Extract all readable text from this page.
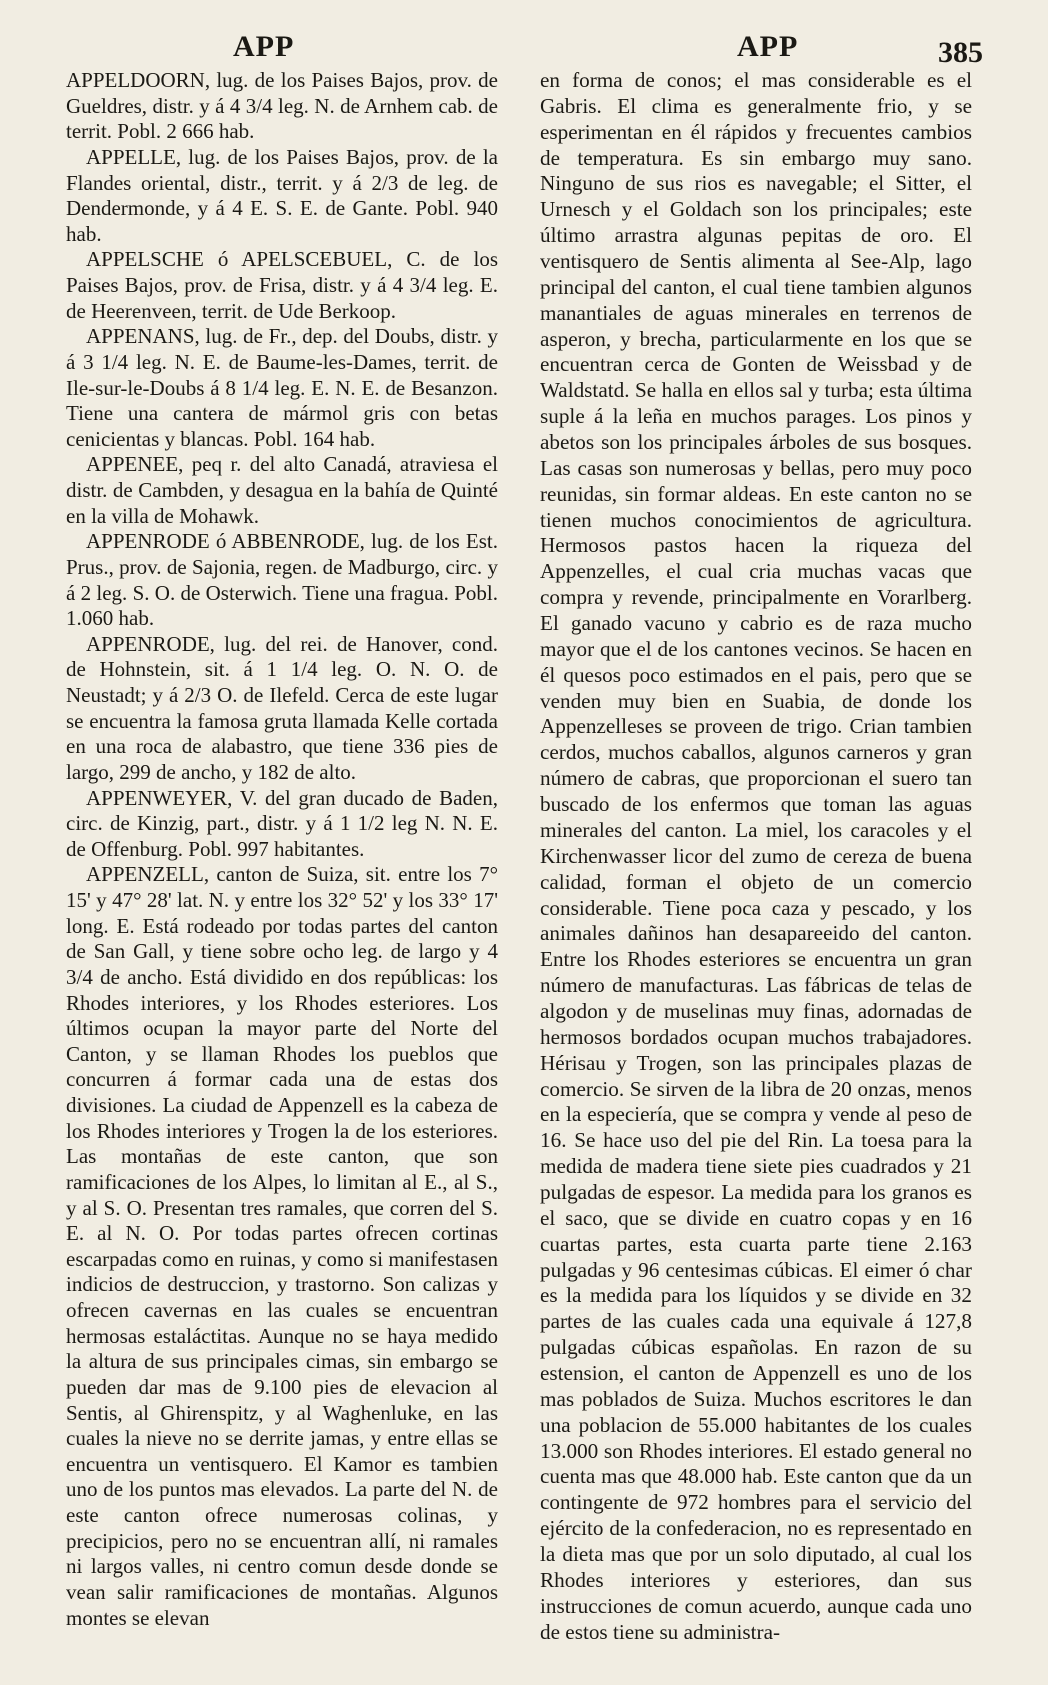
APP	APP	385

APPELDOORN, lug. de los Paises Bajos, prov. de Gueldres, distr. y á 4 3/4 leg. N. de Arnhem cab. de territ. Pobl. 2 666 hab.

APPELLE, lug. de los Paises Bajos, prov. de la Flandes oriental, distr., territ. y á 2/3 de leg. de Dendermonde, y á 4 E. S. E. de Gante. Pobl. 940 hab.

APPELSCHE ó APELSCEBUEL, C. de los Paises Bajos, prov. de Frisa, distr. y á 4 3/4 leg. E. de Heerenveen, territ. de Ude Berkoop.

APPENANS, lug. de Fr., dep. del Doubs, distr. y á 3 1/4 leg. N. E. de Baume-les-Dames, territ. de Ile-sur-le-Doubs á 8 1/4 leg. E. N. E. de Besanzon. Tiene una cantera de mármol gris con betas cenicientas y blancas. Pobl. 164 hab.

APPENEE, peq r. del alto Canadá, atraviesa el distr. de Cambden, y desagua en la bahía de Quinté en la villa de Mohawk.

APPENRODE ó ABBENRODE, lug. de los Est. Prus., prov. de Sajonia, regen. de Madburgo, circ. y á 2 leg. S. O. de Osterwich. Tiene una fragua. Pobl. 1.060 hab.

APPENRODE, lug. del rei. de Hanover, cond. de Hohnstein, sit. á 1 1/4 leg. O. N. O. de Neustadt; y á 2/3 O. de Ilefeld. Cerca de este lugar se encuentra la famosa gruta llamada Kelle cortada en una roca de alabastro, que tiene 336 pies de largo, 299 de ancho, y 182 de alto.

APPENWEYER, V. del gran ducado de Baden, circ. de Kinzig, part., distr. y á 1 1/2 leg N. N. E. de Offenburg. Pobl. 997 habitantes.

APPENZELL, canton de Suiza, sit. entre los 7° 15' y 47° 28' lat. N. y entre los 32° 52' y los 33° 17' long. E. Está rodeado por todas partes del canton de San Gall, y tiene sobre ocho leg. de largo y 4 3/4 de ancho. Está dividido en dos repúblicas: los Rhodes interiores, y los Rhodes esteriores. Los últimos ocupan la mayor parte del Norte del Canton, y se llaman Rhodes los pueblos que concurren á formar cada una de estas dos divisiones. La ciudad de Appenzell es la cabeza de los Rhodes interiores y Trogen la de los esteriores. Las montañas de este canton, que son ramificaciones de los Alpes, lo limitan al E., al S., y al S. O. Presentan tres ramales, que corren del S. E. al N. O. Por todas partes ofrecen cortinas escarpadas como en ruinas, y como si manifestasen indicios de destruccion, y trastorno. Son calizas y ofrecen cavernas en las cuales se encuentran hermosas estaláctitas. Aunque no se haya medido la altura de sus principales cimas, sin embargo se pueden dar mas de 9.100 pies de elevacion al Sentis, al Ghirenspitz, y al Waghenluke, en las cuales la nieve no se derrite jamas, y entre ellas se encuentra un ventisquero. El Kamor es tambien uno de los puntos mas elevados. La parte del N. de este canton ofrece numerosas colinas, y precipicios, pero no se encuentran allí, ni ramales ni largos valles, ni centro comun desde donde se vean salir ramificaciones de montañas. Algunos montes se elevan

en forma de conos; el mas considerable es el Gabris. El clima es generalmente frio, y se esperimentan en él rápidos y frecuentes cambios de temperatura. Es sin embargo muy sano. Ninguno de sus rios es navegable; el Sitter, el Urnesch y el Goldach son los principales; este último arrastra algunas pepitas de oro. El ventisquero de Sentis alimenta al See-Alp, lago principal del canton, el cual tiene tambien algunos manantiales de aguas minerales en terrenos de asperon, y brecha, particularmente en los que se encuentran cerca de Gonten de Weissbad y de Waldstatd. Se halla en ellos sal y turba; esta última suple á la leña en muchos parages. Los pinos y abetos son los principales árboles de sus bosques. Las casas son numerosas y bellas, pero muy poco reunidas, sin formar aldeas. En este canton no se tienen muchos conocimientos de agricultura. Hermosos pastos hacen la riqueza del Appenzelles, el cual cria muchas vacas que compra y revende, principalmente en Vorarlberg. El ganado vacuno y cabrio es de raza mucho mayor que el de los cantones vecinos. Se hacen en él quesos poco estimados en el pais, pero que se venden muy bien en Suabia, de donde los Appenzelleses se proveen de trigo. Crian tambien cerdos, muchos caballos, algunos carneros y gran número de cabras, que proporcionan el suero tan buscado de los enfermos que toman las aguas minerales del canton. La miel, los caracoles y el Kirchenwasser licor del zumo de cereza de buena calidad, forman el objeto de un comercio considerable. Tiene poca caza y pescado, y los animales dañinos han desapareeido del canton. Entre los Rhodes esteriores se encuentra un gran número de manufacturas. Las fábricas de telas de algodon y de muselinas muy finas, adornadas de hermosos bordados ocupan muchos trabajadores. Hérisau y Trogen, son las principales plazas de comercio. Se sirven de la libra de 20 onzas, menos en la especiería, que se compra y vende al peso de 16. Se hace uso del pie del Rin. La toesa para la medida de madera tiene siete pies cuadrados y 21 pulgadas de espesor. La medida para los granos es el saco, que se divide en cuatro copas y en 16 cuartas partes, esta cuarta parte tiene 2.163 pulgadas y 96 centesimas cúbicas. El eimer ó char es la medida para los líquidos y se divide en 32 partes de las cuales cada una equivale á 127,8 pulgadas cúbicas españolas. En razon de su estension, el canton de Appenzell es uno de los mas poblados de Suiza. Muchos escritores le dan una poblacion de 55.000 habitantes de los cuales 13.000 son Rhodes interiores. El estado general no cuenta mas que 48.000 hab. Este canton que da un contingente de 972 hombres para el servicio del ejército de la confederacion, no es representado en la dieta mas que por un solo diputado, al cual los Rhodes interiores y esteriores, dan sus instrucciones de comun acuerdo, aunque cada uno de estos tiene su administra-
